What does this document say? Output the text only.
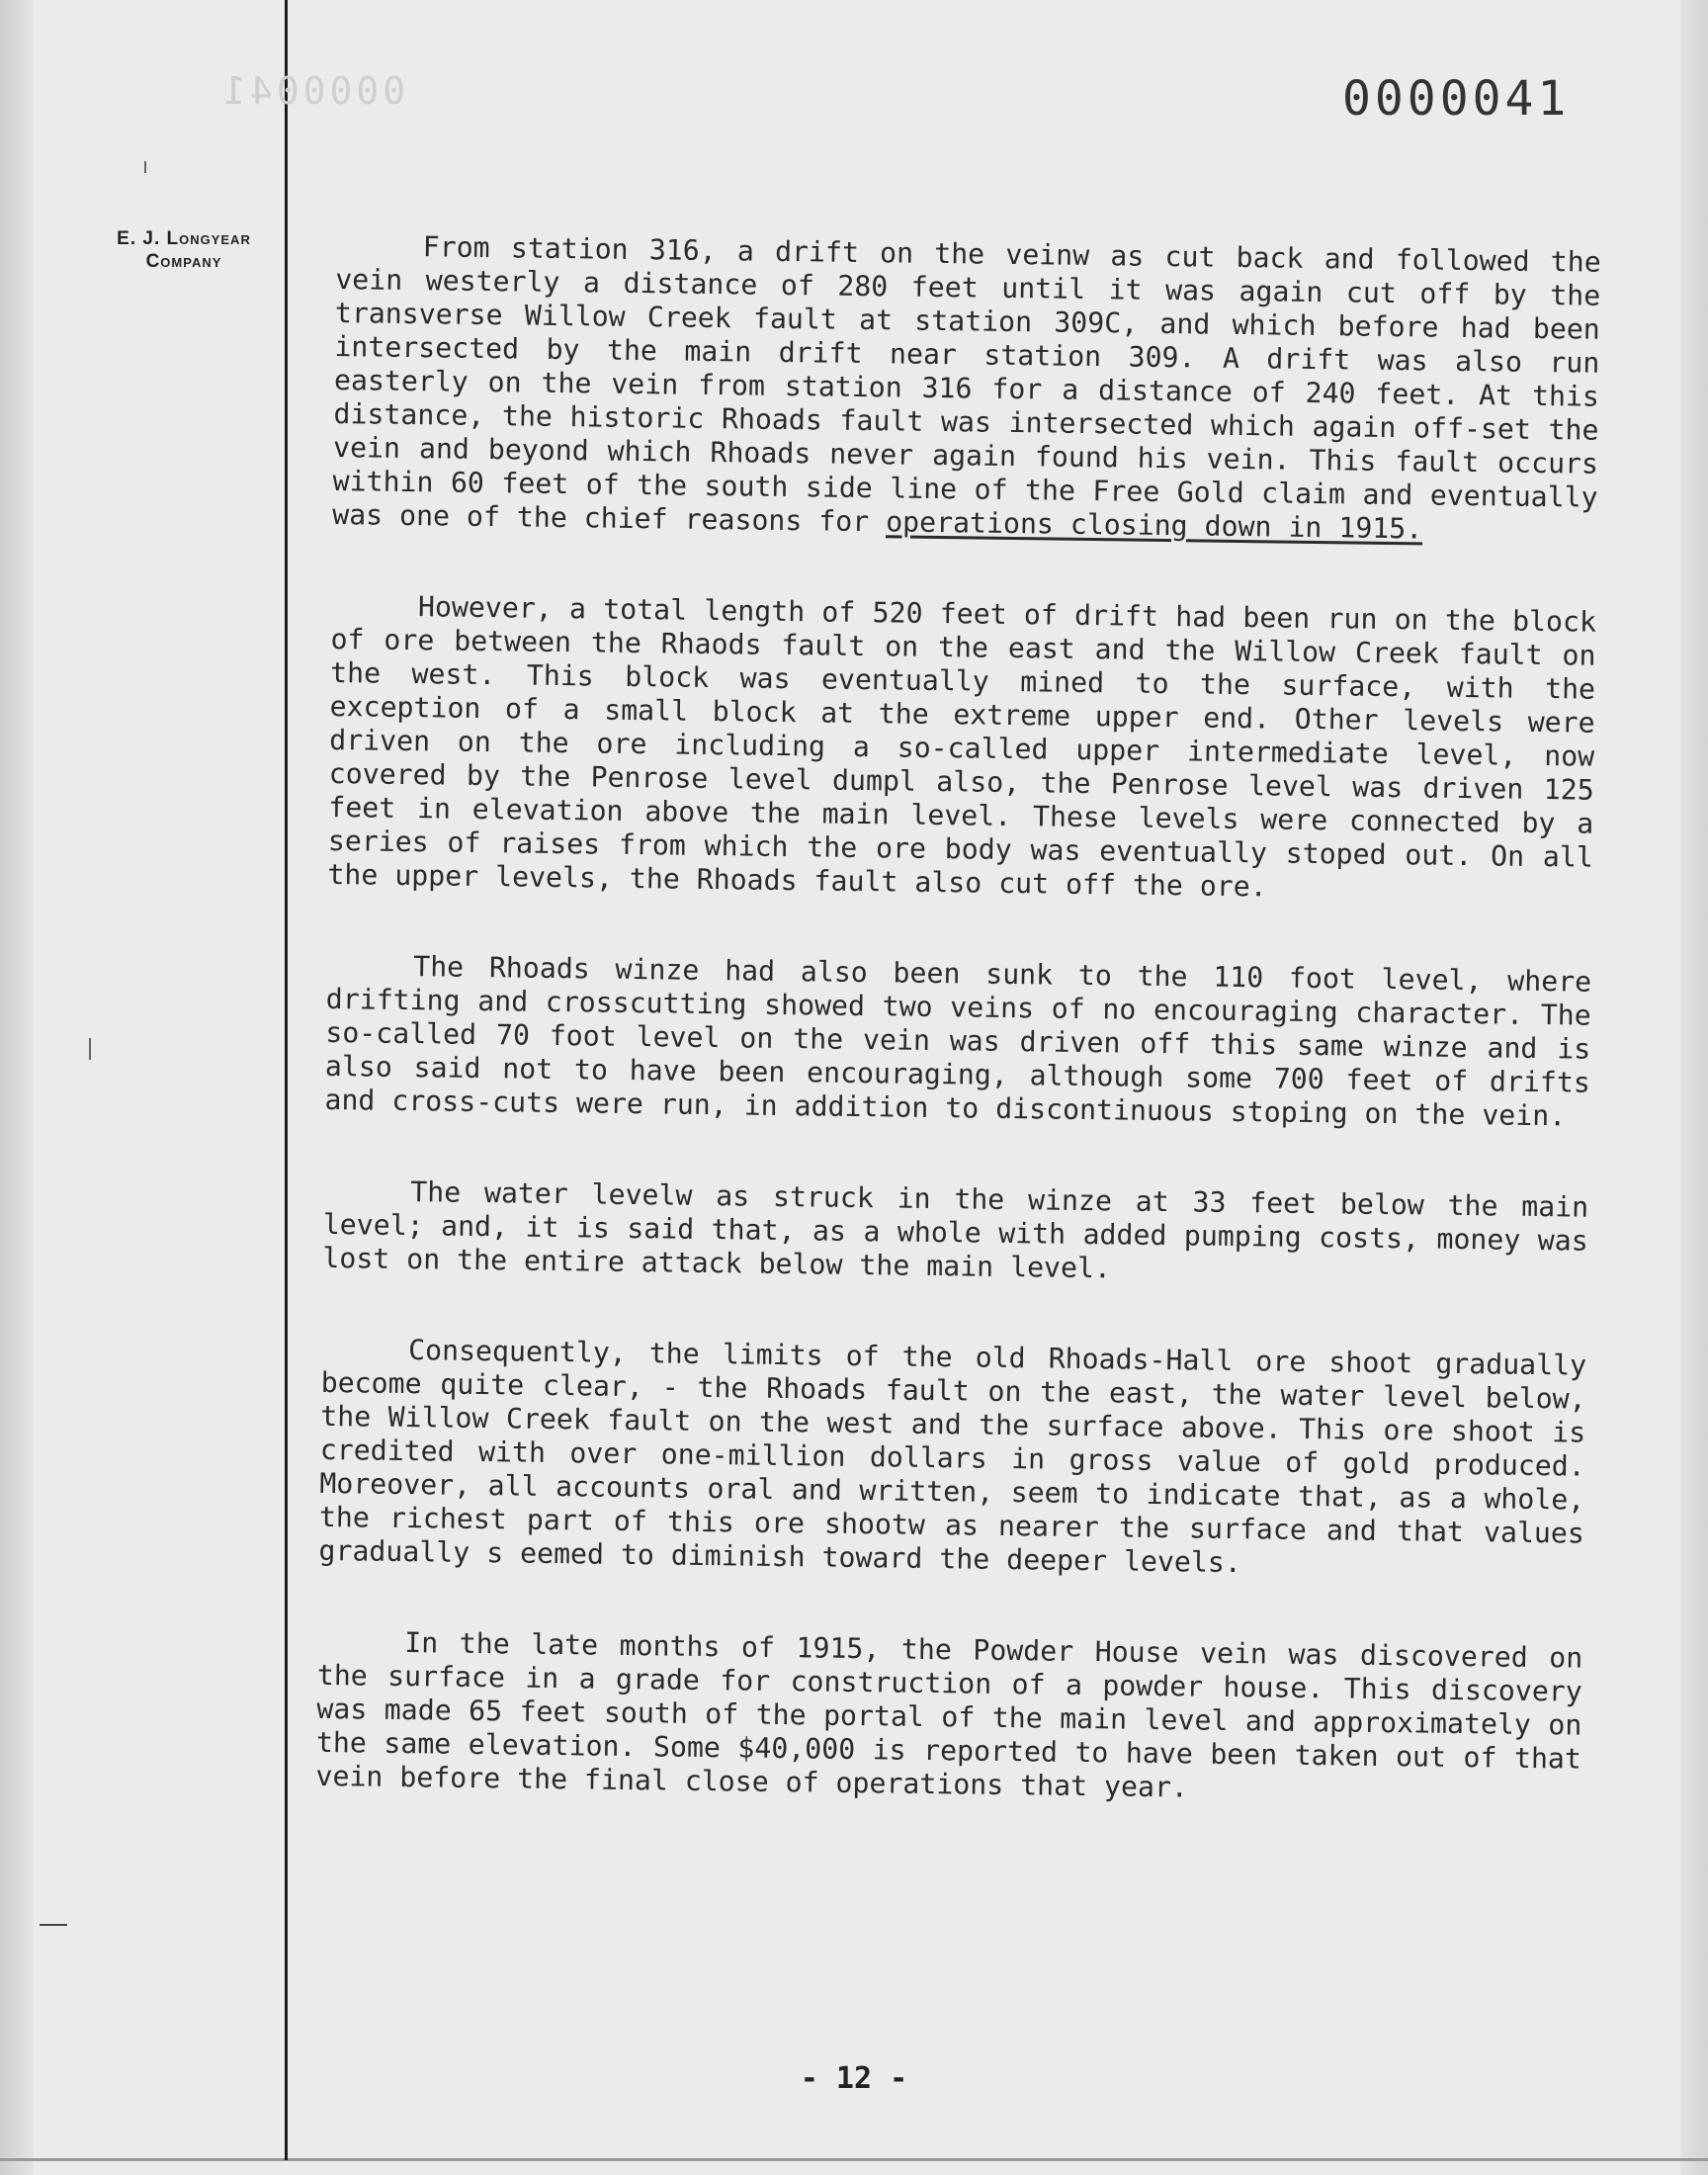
0000041	0000041
E. J. Longyear
Company	From station 316, a drift on the veinw as cut back and followed the vein westerly a distance of 280 feet until it was again cut off by the transverse Willow Creek fault at station 309C, and which before had been intersected by the main drift near station 309. A drift was also run easterly on the vein from station 316 for a distance of 240 feet. At this distance, the historic Rhoads fault was intersected which again off-set the vein and beyond which Rhoads never again found his vein. This fault occurs within 60 feet of the south side line of the Free Gold claim and eventually was one of the chief reasons for operations closing down in 1915.

However, a total length of 520 feet of drift had been run on the block of ore between the Rhaods fault on the east and the Willow Creek fault on the west. This block was eventually mined to the surface, with the exception of a small block at the extreme upper end. Other levels were driven on the ore including a so-called upper intermediate level, now covered by the Penrose level dumpl also, the Penrose level was driven 125 feet in elevation above the main level. These levels were connected by a series of raises from which the ore body was eventually stoped out. On all the upper levels, the Rhoads fault also cut off the ore.

The Rhoads winze had also been sunk to the 110 foot level, where drifting and crosscutting showed two veins of no encouraging character. The so-called 70 foot level on the vein was driven off this same winze and is also said not to have been encouraging, although some 700 feet of drifts and cross-cuts were run, in addition to discontinuous stoping on the vein.

The water levelw as struck in the winze at 33 feet below the main level; and, it is said that, as a whole with added pumping costs, money was lost on the entire attack below the main level.

Consequently, the limits of the old Rhoads-Hall ore shoot gradually become quite clear, - the Rhoads fault on the east, the water level below, the Willow Creek fault on the west and the surface above. This ore shoot is credited with over one-million dollars in gross value of gold produced. Moreover, all accounts oral and written, seem to indicate that, as a whole, the richest part of this ore shootw as nearer the surface and that values gradually s eemed to diminish toward the deeper levels.

In the late months of 1915, the Powder House vein was discovered on the surface in a grade for construction of a powder house. This discovery was made 65 feet south of the portal of the main level and approximately on the same elevation. Some $40,000 is reported to have been taken out of that vein before the final close of operations that year.

- 12 -
